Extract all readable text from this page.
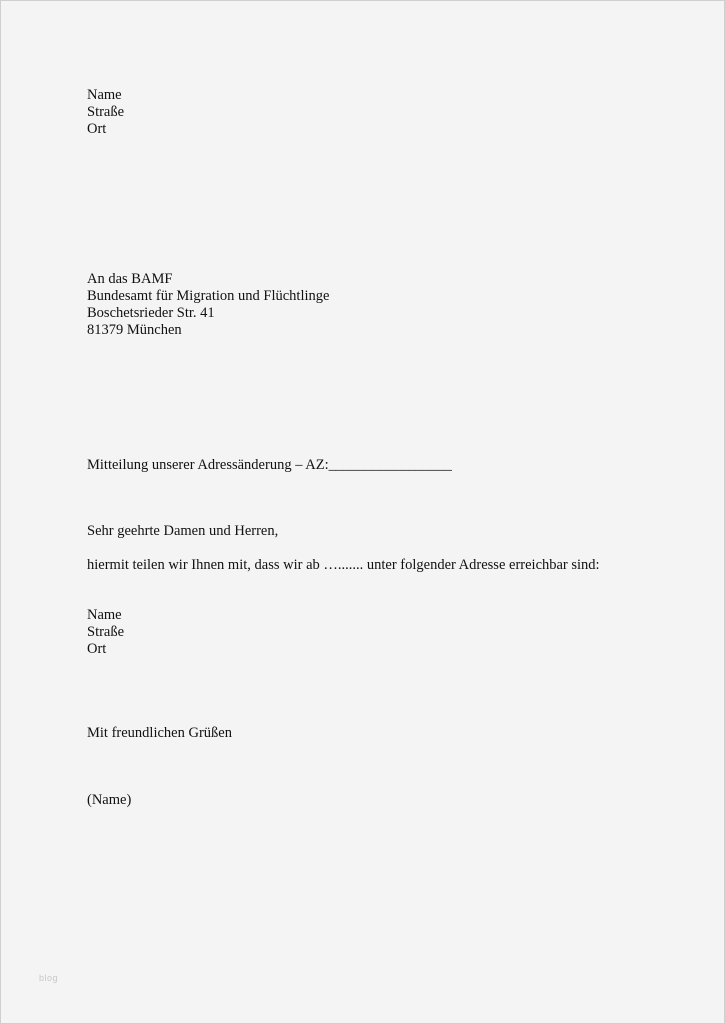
Name
Straße
Ort
An das BAMF
Bundesamt für Migration und Flüchtlinge
Boschetsrieder Str. 41
81379 München
Mitteilung unserer Adressänderung – AZ:_________________
Sehr geehrte Damen und Herren,
hiermit teilen wir Ihnen mit, dass wir ab …....... unter folgender Adresse erreichbar sind:
Name
Straße
Ort
Mit freundlichen Grüßen
(Name)
blog
